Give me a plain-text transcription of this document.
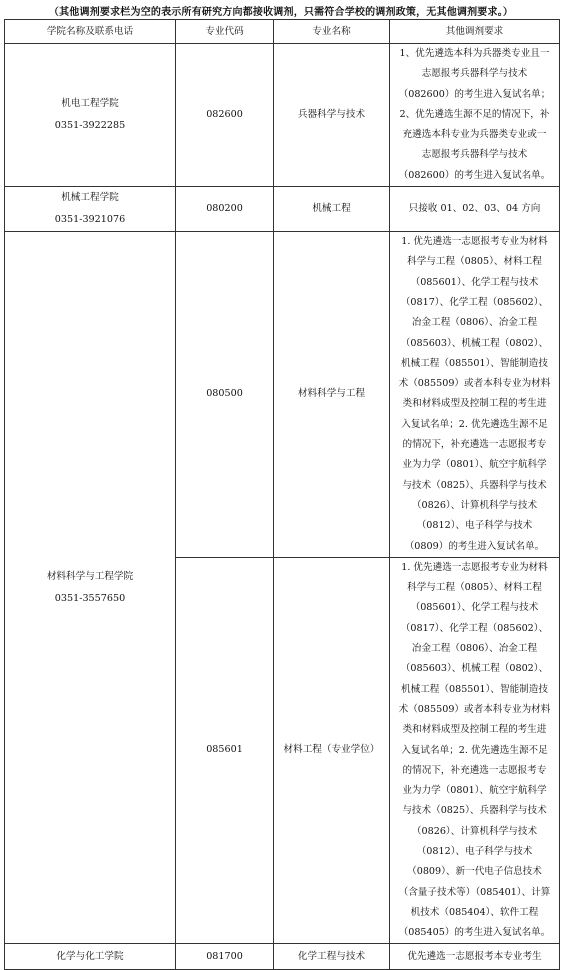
（其他调剂要求栏为空的表示所有研究方向都接收调剂，只需符合学校的调剂政策，无其他调剂要求。）
学院名称及联系电话	专业代码	专业名称	其他调剂要求

机电工程学院
0351-3922285	082600	兵器科学与技术	1、优先遴选本科为兵器类专业且一志愿报考兵器科学与技术（082600）的考生进入复试名单；2、优先遴选生源不足的情况下，补充遴选本科专业为兵器类专业或一志愿报考兵器科学与技术（082600）的考生进入复试名单。

机械工程学院
0351-3921076	080200	机械工程	只接收 01、02、03、04 方向

材料科学与工程学院
0351-3557650	080500	材料科学与工程	1. 优先遴选一志愿报考专业为材料科学与工程（0805）、材料工程（085601）、化学工程与技术（0817）、化学工程（085602）、冶金工程（0806）、冶金工程（085603）、机械工程（0802）、机械工程（085501）、智能制造技术（085509）或者本科专业为材料类和材料成型及控制工程的考生进入复试名单；2. 优先遴选生源不足的情况下，补充遴选一志愿报考专业为力学（0801）、航空宇航科学与技术（0825）、兵器科学与技术（0826）、计算机科学与技术（0812）、电子科学与技术（0809）的考生进入复试名单。
	085601	材料工程（专业学位）	1. 优先遴选一志愿报考专业为材料科学与工程（0805）、材料工程（085601）、化学工程与技术（0817）、化学工程（085602）、冶金工程（0806）、冶金工程（085603）、机械工程（0802）、机械工程（085501）、智能制造技术（085509）或者本科专业为材料类和材料成型及控制工程的考生进入复试名单；2. 优先遴选生源不足的情况下，补充遴选一志愿报考专业为力学（0801）、航空宇航科学与技术（0825）、兵器科学与技术（0826）、计算机科学与技术（0812）、电子科学与技术（0809）、新一代电子信息技术（含量子技术等）（085401）、计算机技术（085404）、软件工程（085405）的考生进入复试名单。
化学与化工学院	081700	化学工程与技术	优先遴选一志愿报考本专业考生
